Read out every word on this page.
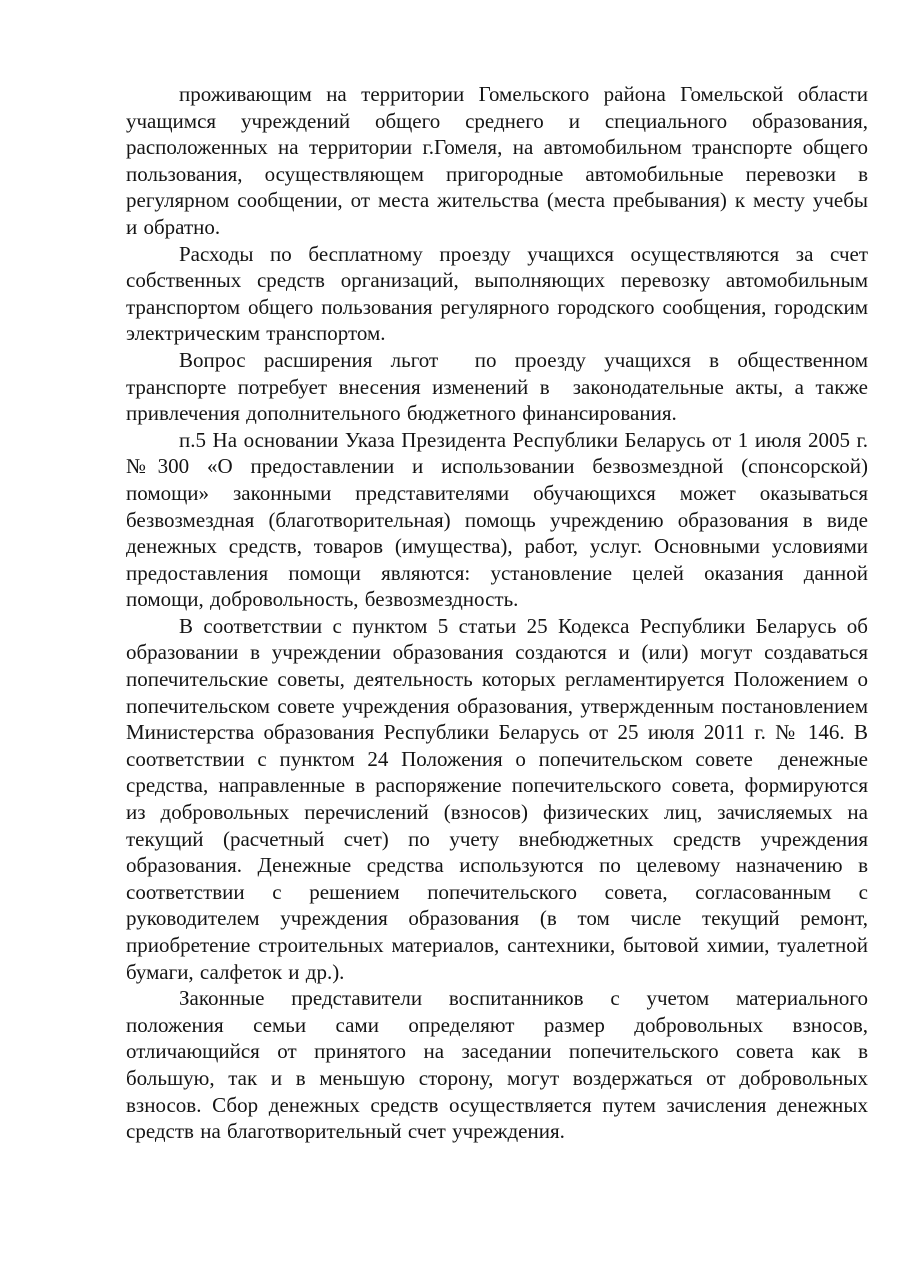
проживающим на территории Гомельского района Гомельской области учащимся учреждений общего среднего и специального образования, расположенных на территории г.Гомеля, на автомобильном транспорте общего пользования, осуществляющем пригородные автомобильные перевозки в регулярном сообщении, от места жительства (места пребывания) к месту учебы и обратно.

Расходы по бесплатному проезду учащихся осуществляются за счет собственных средств организаций, выполняющих перевозку автомобильным транспортом общего пользования регулярного городского сообщения, городским электрическим транспортом.

Вопрос расширения льгот  по проезду учащихся в общественном транспорте потребует внесения изменений в  законодательные акты, а также привлечения дополнительного бюджетного финансирования.

п.5 На основании Указа Президента Республики Беларусь от 1 июля 2005 г. №300 «О предоставлении и использовании безвозмездной (спонсорской) помощи» законными представителями обучающихся может оказываться безвозмездная (благотворительная) помощь учреждению образования в виде денежных средств, товаров (имущества), работ, услуг. Основными условиями предоставления помощи являются: установление целей оказания данной помощи, добровольность, безвозмездность.

В соответствии с пунктом 5 статьи 25 Кодекса Республики Беларусь об образовании в учреждении образования создаются и (или) могут создаваться попечительские советы, деятельность которых регламентируется Положением о попечительском совете учреждения образования, утвержденным постановлением Министерства образования Республики Беларусь от 25 июля 2011 г. № 146. В соответствии с пунктом 24 Положения о попечительском совете  денежные средства, направленные в распоряжение попечительского совета, формируются из добровольных перечислений (взносов) физических лиц, зачисляемых на текущий (расчетный счет) по учету внебюджетных средств учреждения образования. Денежные средства используются по целевому назначению в соответствии с решением попечительского совета, согласованным с руководителем учреждения образования (в том числе текущий ремонт, приобретение строительных материалов, сантехники, бытовой химии, туалетной бумаги, салфеток и др.).

Законные представители воспитанников с учетом материального положения семьи сами определяют размер добровольных взносов, отличающийся от принятого на заседании попечительского совета как в большую, так и в меньшую сторону, могут воздержаться от добровольных взносов. Сбор денежных средств осуществляется путем зачисления денежных средств на благотворительный счет учреждения.
